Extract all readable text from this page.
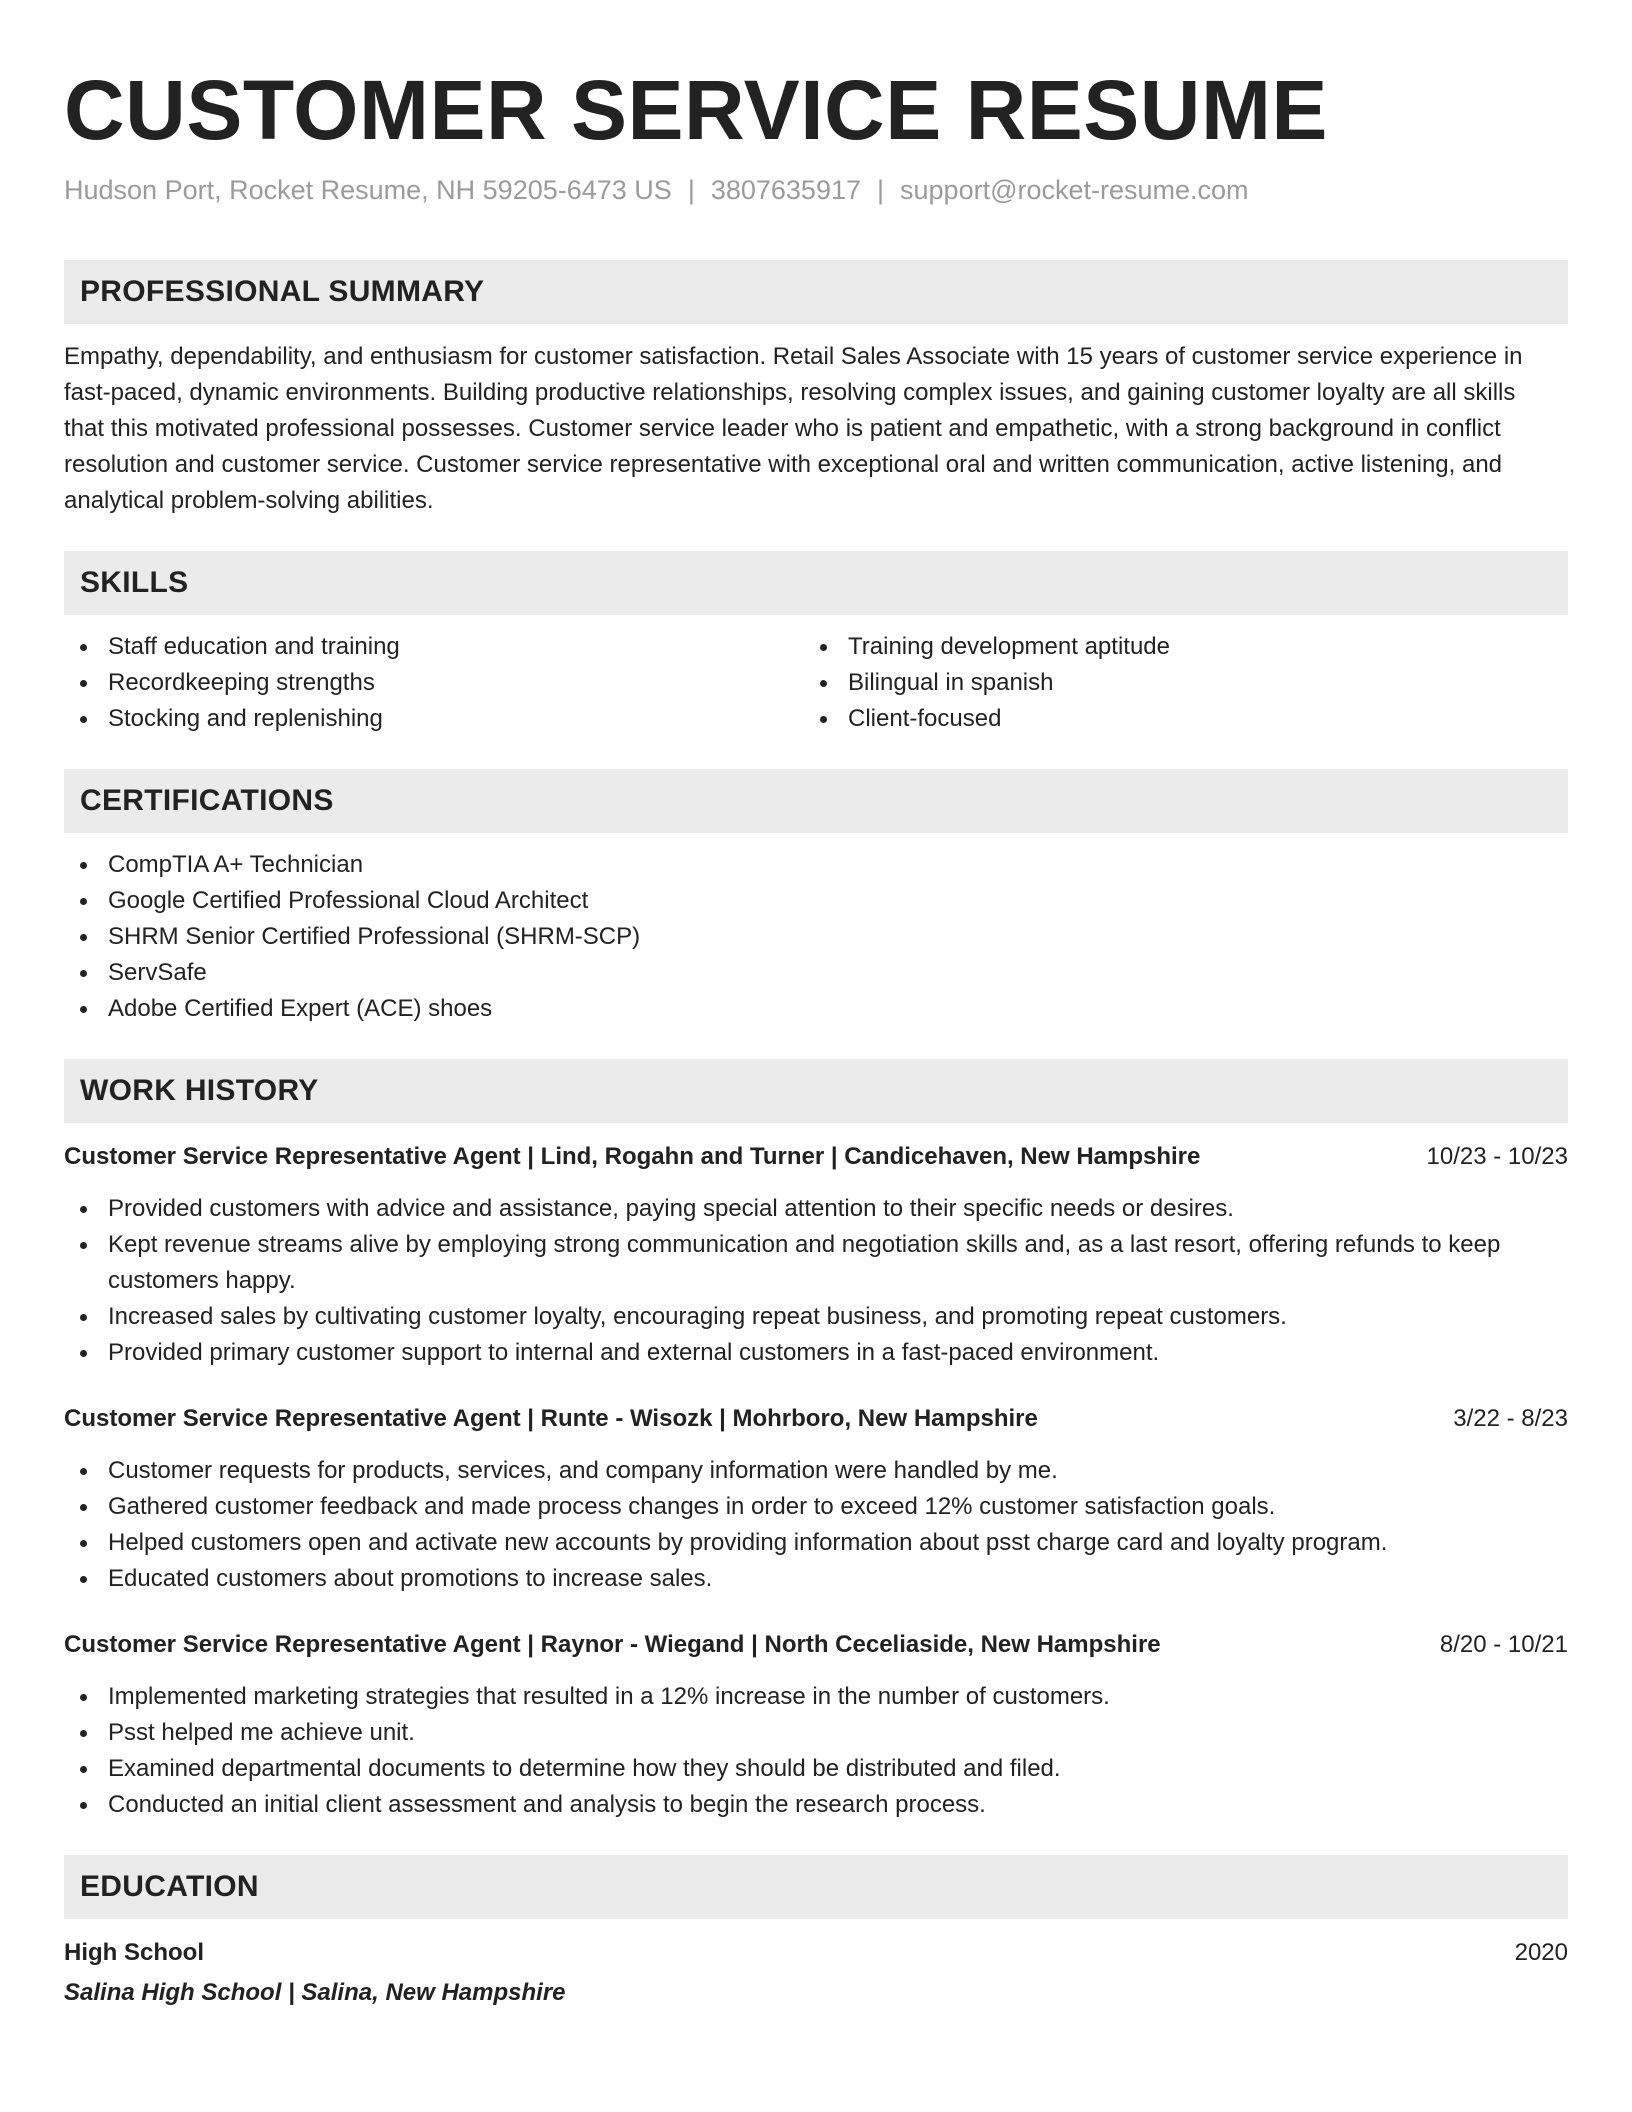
CUSTOMER SERVICE RESUME
Hudson Port, Rocket Resume, NH 59205-6473 US | 3807635917 | support@rocket-resume.com
PROFESSIONAL SUMMARY

Empathy, dependability, and enthusiasm for customer satisfaction. Retail Sales Associate with 15 years of customer service experience in fast-paced, dynamic environments. Building productive relationships, resolving complex issues, and gaining customer loyalty are all skills that this motivated professional possesses. Customer service leader who is patient and empathetic, with a strong background in conflict resolution and customer service. Customer service representative with exceptional oral and written communication, active listening, and analytical problem-solving abilities.

SKILLS
Staff education and training
Recordkeeping strengths
Stocking and replenishing
Training development aptitude
Bilingual in spanish
Client-focused
CERTIFICATIONS
CompTIA A+ Technician
Google Certified Professional Cloud Architect
SHRM Senior Certified Professional (SHRM-SCP)
ServSafe
Adobe Certified Expert (ACE) shoes
WORK HISTORY
Customer Service Representative Agent | Lind, Rogahn and Turner | Candicehaven, New Hampshire	10/23 - 10/23
Provided customers with advice and assistance, paying special attention to their specific needs or desires.
Kept revenue streams alive by employing strong communication and negotiation skills and, as a last resort, offering refunds to keep customers happy.
Increased sales by cultivating customer loyalty, encouraging repeat business, and promoting repeat customers.
Provided primary customer support to internal and external customers in a fast-paced environment.
Customer Service Representative Agent | Runte - Wisozk | Mohrboro, New Hampshire	3/22 - 8/23
Customer requests for products, services, and company information were handled by me.
Gathered customer feedback and made process changes in order to exceed 12% customer satisfaction goals.
Helped customers open and activate new accounts by providing information about psst charge card and loyalty program.
Educated customers about promotions to increase sales.
Customer Service Representative Agent | Raynor - Wiegand | North Ceceliaside, New Hampshire	8/20 - 10/21
Implemented marketing strategies that resulted in a 12% increase in the number of customers.
Psst helped me achieve unit.
Examined departmental documents to determine how they should be distributed and filed.
Conducted an initial client assessment and analysis to begin the research process.
EDUCATION
High School	2020
Salina High School | Salina, New Hampshire
